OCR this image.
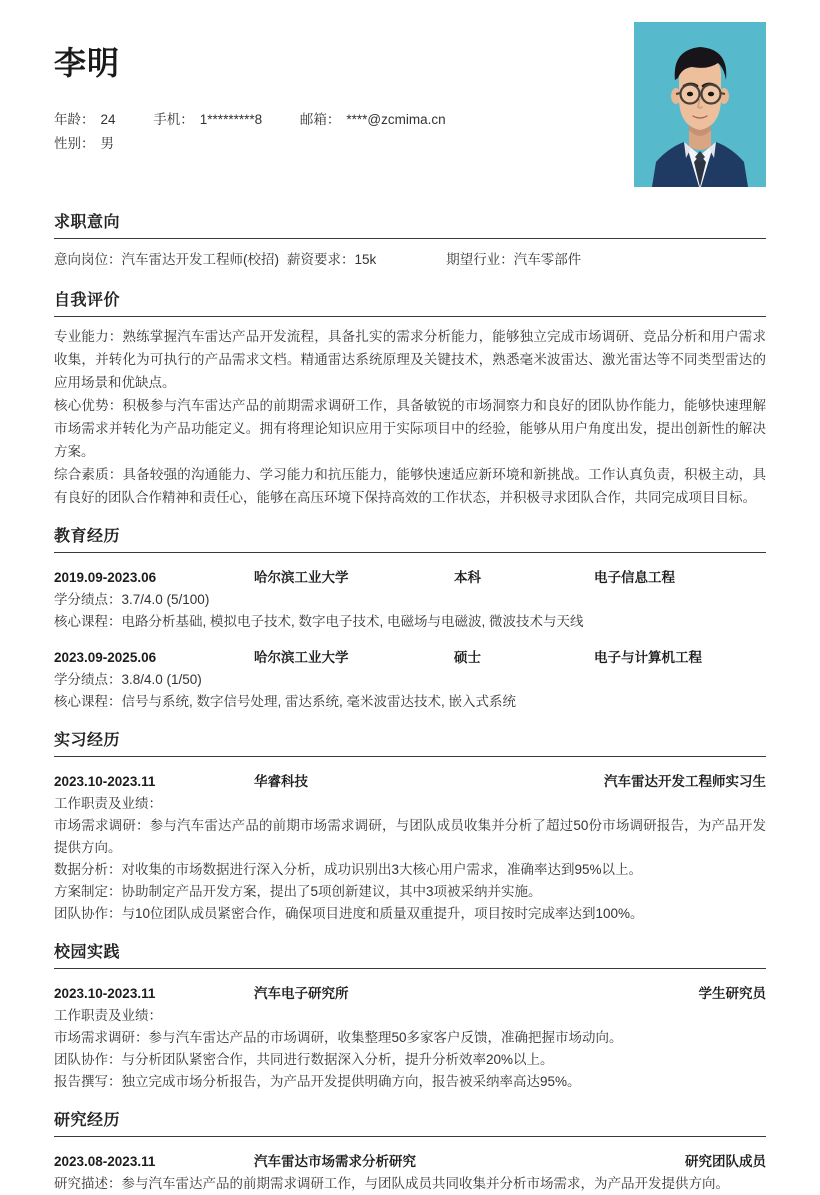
李明
年龄： 24	手机： 1*********8	邮箱： ****@zcmima.cn
性别： 男
求职意向
意向岗位：汽车雷达开发工程师(校招) 薪资要求：15k	期望行业：汽车零部件
自我评价
专业能力：熟练掌握汽车雷达产品开发流程，具备扎实的需求分析能力，能够独立完成市场调研、竞品分析和用户需求收集，并转化为可执行的产品需求文档。精通雷达系统原理及关键技术，熟悉毫米波雷达、激光雷达等不同类型雷达的应用场景和优缺点。
核心优势：积极参与汽车雷达产品的前期需求调研工作，具备敏锐的市场洞察力和良好的团队协作能力，能够快速理解市场需求并转化为产品功能定义。拥有将理论知识应用于实际项目中的经验，能够从用户角度出发，提出创新性的解决方案。
综合素质：具备较强的沟通能力、学习能力和抗压能力，能够快速适应新环境和新挑战。工作认真负责，积极主动，具有良好的团队合作精神和责任心，能够在高压环境下保持高效的工作状态，并积极寻求团队合作，共同完成项目目标。
教育经历
2019.09-2023.06	哈尔滨工业大学	本科	电子信息工程
学分绩点：3.7/4.0 (5/100)
核心课程：电路分析基础, 模拟电子技术, 数字电子技术, 电磁场与电磁波, 微波技术与天线
2023.09-2025.06	哈尔滨工业大学	硕士	电子与计算机工程
学分绩点：3.8/4.0 (1/50)
核心课程：信号与系统, 数字信号处理, 雷达系统, 毫米波雷达技术, 嵌入式系统
实习经历
2023.10-2023.11	华睿科技	汽车雷达开发工程师实习生
工作职责及业绩：
市场需求调研：参与汽车雷达产品的前期市场需求调研，与团队成员收集并分析了超过50份市场调研报告，为产品开发提供方向。
数据分析：对收集的市场数据进行深入分析，成功识别出3大核心用户需求，准确率达到95%以上。
方案制定：协助制定产品开发方案，提出了5项创新建议，其中3项被采纳并实施。
团队协作：与10位团队成员紧密合作，确保项目进度和质量双重提升，项目按时完成率达到100%。
校园实践
2023.10-2023.11	汽车电子研究所	学生研究员
工作职责及业绩：
市场需求调研：参与汽车雷达产品的市场调研，收集整理50多家客户反馈，准确把握市场动向。
团队协作：与分析团队紧密合作，共同进行数据深入分析，提升分析效率20%以上。
报告撰写：独立完成市场分析报告，为产品开发提供明确方向，报告被采纳率高达95%。
研究经历
2023.08-2023.11	汽车雷达市场需求分析研究	研究团队成员
研究描述：参与汽车雷达产品的前期需求调研工作，与团队成员共同收集并分析市场需求，为产品开发提供方向。
